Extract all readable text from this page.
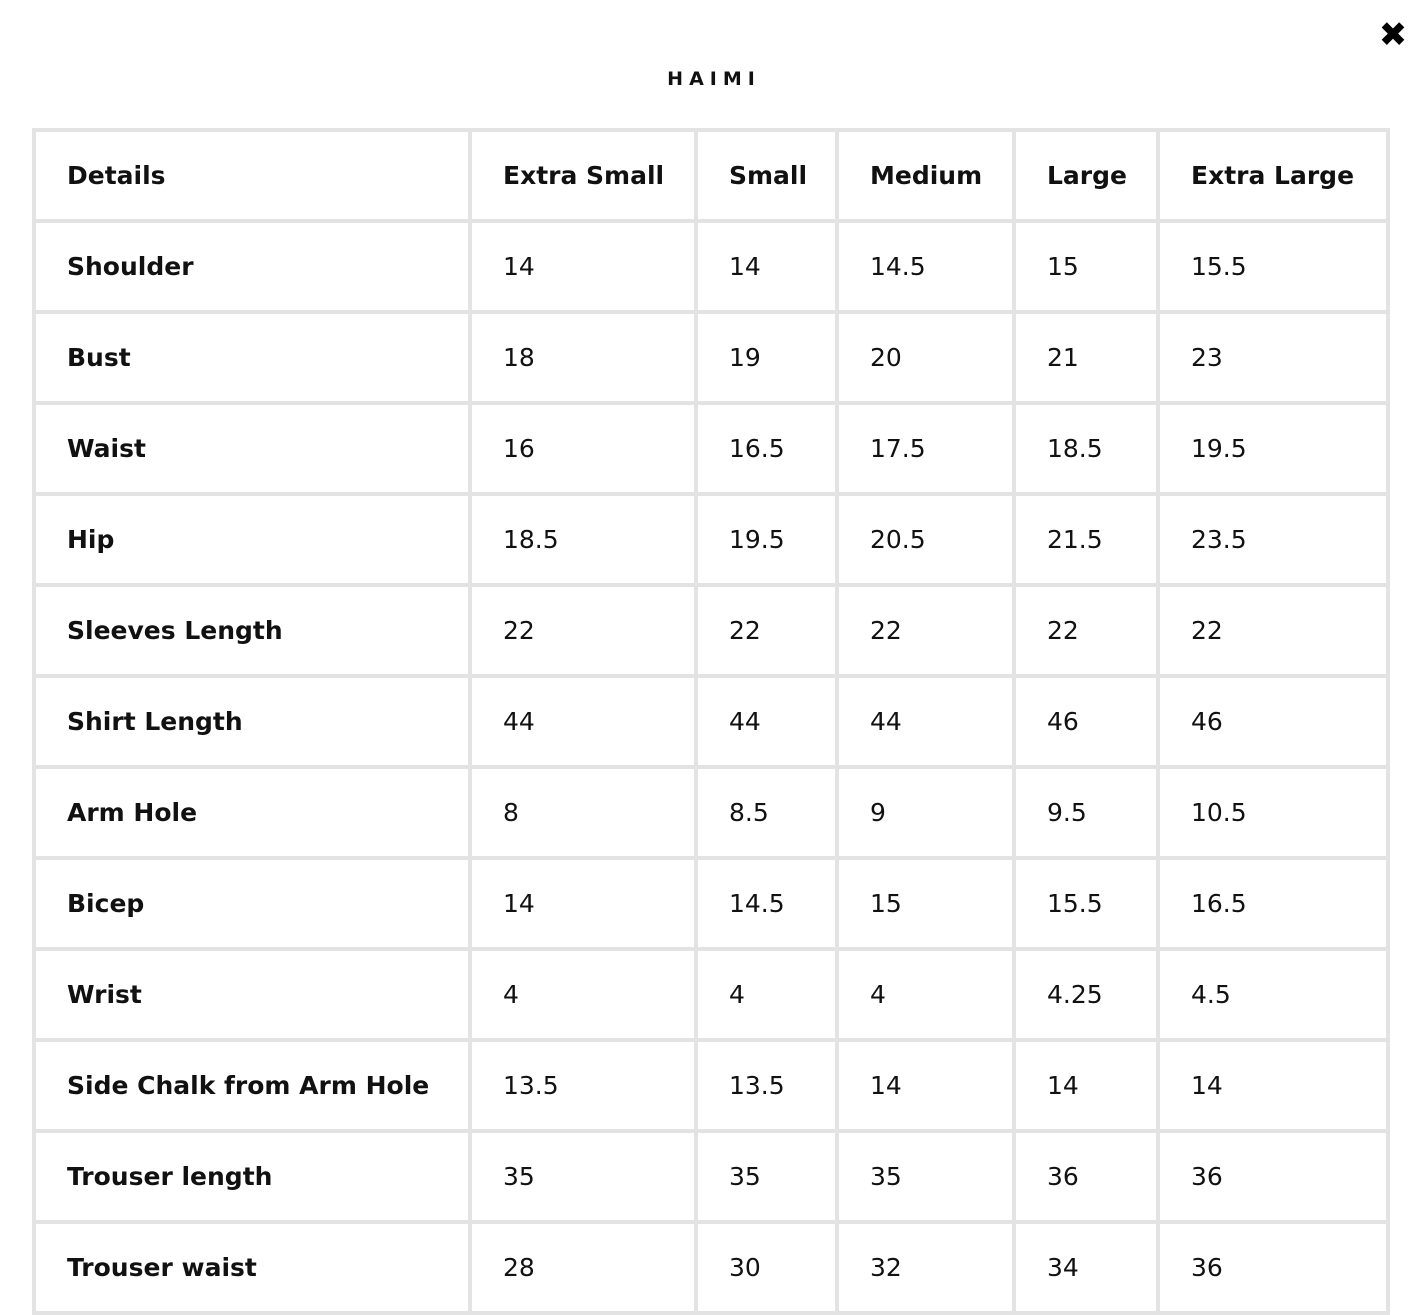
✖
HAIMI
Details	Extra Small	Small	Medium	Large	Extra Large
Shoulder	14	14	14.5	15	15.5
Bust	18	19	20	21	23
Waist	16	16.5	17.5	18.5	19.5
Hip	18.5	19.5	20.5	21.5	23.5
Sleeves Length	22	22	22	22	22
Shirt Length	44	44	44	46	46
Arm Hole	8	8.5	9	9.5	10.5
Bicep	14	14.5	15	15.5	16.5
Wrist	4	4	4	4.25	4.5
Side Chalk from Arm Hole	13.5	13.5	14	14	14
Trouser length	35	35	35	36	36
Trouser waist	28	30	32	34	36
